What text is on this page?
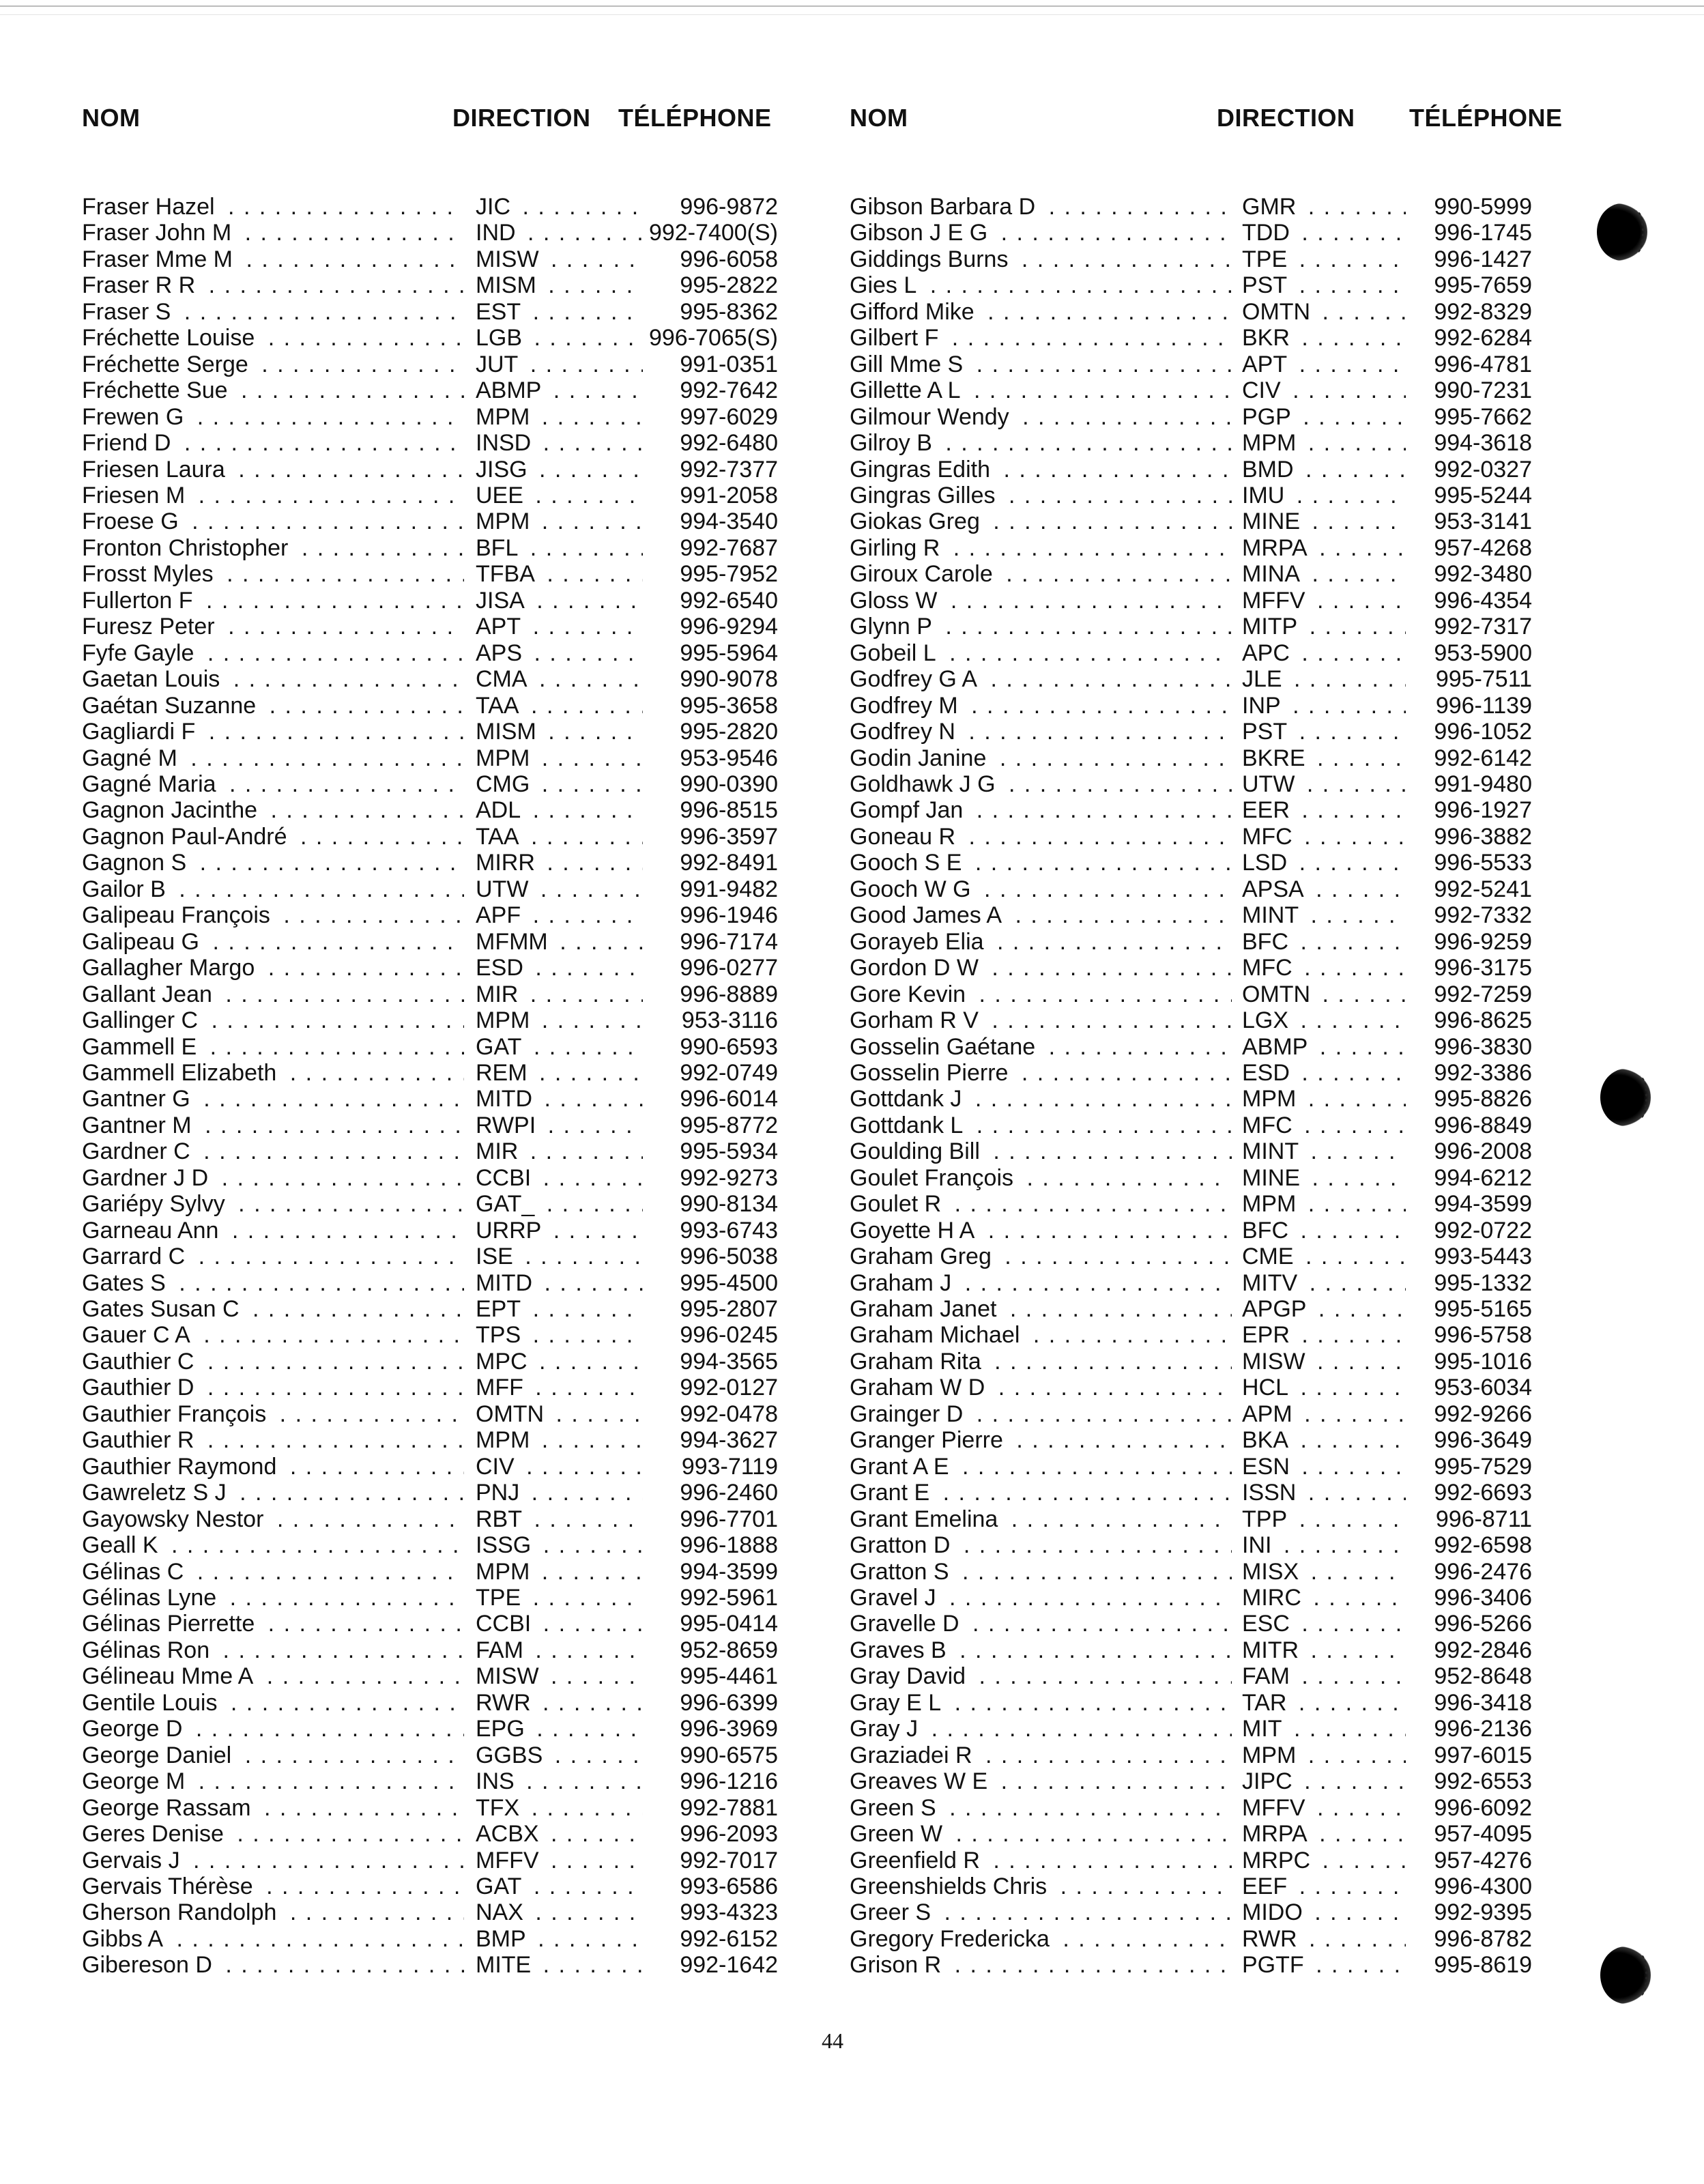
NOM	DIRECTION TÉLÉPHONE	NOM	DIRECTION TÉLÉPHONE
Fraser Hazel . . .	JIC . . .	996-9872
Fraser John M . . .	IND . . .	992-7400(S)
Fraser Mme M . . .	MISW . . .	996-6058
Fraser R R . . .	MISM . . .	995-2822
Fraser S . . .	EST . . .	995-8362
Fréchette Louise . . .	LGB . . .	996-7065(S)
Fréchette Serge . . .	JUT . . .	991-0351
Fréchette Sue . . .	ABMP . . .	992-7642
Frewen G . . .	MPM . . .	997-6029
Friend D . . .	INSD . . .	992-6480
Friesen Laura . . .	JISG . . .	992-7377
Friesen M . . .	UEE . . .	991-2058
Froese G . . .	MPM . . .	994-3540
Fronton Christopher . . .	BFL . . .	992-7687
Frosst Myles . . .	TFBA . . .	995-7952
Fullerton F . . .	JISA . . .	992-6540
Furesz Peter . . .	APT . . .	996-9294
Fyfe Gayle . . .	APS . . .	995-5964
Gaetan Louis . . .	CMA . . .	990-9078
Gaétan Suzanne . . .	TAA . . .	995-3658
Gagliardi F . . .	MISM . . .	995-2820
Gagné M . . .	MPM . . .	953-9546
Gagné Maria . . .	CMG . . .	990-0390
Gagnon Jacinthe . . .	ADL . . .	996-8515
Gagnon Paul-André . . .	TAA . . .	996-3597
Gagnon S . . .	MIRR . . .	992-8491
Gailor B . . .	UTW . . .	991-9482
Galipeau François . . .	APF . . .	996-1946
Galipeau G . . .	MFMM . . .	996-7174
Gallagher Margo . . .	ESD . . .	996-0277
Gallant Jean . . .	MIR . . .	996-8889
Gallinger C . . .	MPM . . .	953-3116
Gammell E . . .	GAT . . .	990-6593
Gammell Elizabeth . . .	REM . . .	992-0749
Gantner G . . .	MITD . . .	996-6014
Gantner M . . .	RWPI . . .	995-8772
Gardner C . . .	MIR . . .	995-5934
Gardner J D . . .	CCBI . . .	992-9273
Gariépy Sylvy . . .	GAT_ . . .	990-8134
Garneau Ann . . .	URRP . . .	993-6743
Garrard C . . .	ISE . . .	996-5038
Gates S . . .	MITD . . .	995-4500
Gates Susan C . . .	EPT . . .	995-2807
Gauer C A . . .	TPS . . .	996-0245
Gauthier C . . .	MPC . . .	994-3565
Gauthier D . . .	MFF . . .	992-0127
Gauthier François . . .	OMTN . . .	992-0478
Gauthier R . . .	MPM . . .	994-3627
Gauthier Raymond . . .	CIV . . .	993-7119
Gawreletz S J . . .	PNJ . . .	996-2460
Gayowsky Nestor . . .	RBT . . .	996-7701
Geall K . . .	ISSG . . .	996-1888
Gélinas C . . .	MPM . . .	994-3599
Gélinas Lyne . . .	TPE . . .	992-5961
Gélinas Pierrette . . .	CCBI . . .	995-0414
Gélinas Ron . . .	FAM . . .	952-8659
Gélineau Mme A . . .	MISW . . .	995-4461
Gentile Louis . . .	RWR . . .	996-6399
George D . . .	EPG . . .	996-3969
George Daniel . . .	GGBS . . .	990-6575
George M . . .	INS . . .	996-1216
George Rassam . . .	TFX . . .	992-7881
Geres Denise . . .	ACBX . . .	996-2093
Gervais J . . .	MFFV . . .	992-7017
Gervais Thérèse . . .	GAT . . .	993-6586
Gherson Randolph . . .	NAX . . .	993-4323
Gibbs A . . .	BMP . . .	992-6152
Gibereson D . . .	MITE . . .	992-1642
Gibson Barbara D . . .	GMR . . .	990-5999
Gibson J E G . . .	TDD . . .	996-1745
Giddings Burns . . .	TPE . . .	996-1427
Gies L . . .	PST . . .	995-7659
Gifford Mike . . .	OMTN . . .	992-8329
Gilbert F . . .	BKR . . .	992-6284
Gill Mme S . . .	APT . . .	996-4781
Gillette A L . . .	CIV . . .	990-7231
Gilmour Wendy . . .	PGP . . .	995-7662
Gilroy B . . .	MPM . . .	994-3618
Gingras Edith . . .	BMD . . .	992-0327
Gingras Gilles . . .	IMU . . .	995-5244
Giokas Greg . . .	MINE . . .	953-3141
Girling R . . .	MRPA . . .	957-4268
Giroux Carole . . .	MINA . . .	992-3480
Gloss W . . .	MFFV . . .	996-4354
Glynn P . . .	MITP . . .	992-7317
Gobeil L . . .	APC . . .	953-5900
Godfrey G A . . .	JLE . . .	995-7511
Godfrey M . . .	INP . . .	996-1139
Godfrey N . . .	PST . . .	996-1052
Godin Janine . . .	BKRE . . .	992-6142
Goldhawk J G . . .	UTW . . .	991-9480
Gompf Jan . . .	EER . . .	996-1927
Goneau R . . .	MFC . . .	996-3882
Gooch S E . . .	LSD . . .	996-5533
Gooch W G . . .	APSA . . .	992-5241
Good James A . . .	MINT . . .	992-7332
Gorayeb Elia . . .	BFC . . .	996-9259
Gordon D W . . .	MFC . . .	996-3175
Gore Kevin . . .	OMTN . . .	992-7259
Gorham R V . . .	LGX . . .	996-8625
Gosselin Gaétane . . .	ABMP . . .	996-3830
Gosselin Pierre . . .	ESD . . .	992-3386
Gottdank J . . .	MPM . . .	995-8826
Gottdank L . . .	MFC . . .	996-8849
Goulding Bill . . .	MINT . . .	996-2008
Goulet François . . .	MINE . . .	994-6212
Goulet R . . .	MPM . . .	994-3599
Goyette H A . . .	BFC . . .	992-0722
Graham Greg . . .	CME . . .	993-5443
Graham J . . .	MITV . . .	995-1332
Graham Janet . . .	APGP . . .	995-5165
Graham Michael . . .	EPR . . .	996-5758
Graham Rita . . .	MISW . . .	995-1016
Graham W D . . .	HCL . . .	953-6034
Grainger D . . .	APM . . .	992-9266
Granger Pierre . . .	BKA . . .	996-3649
Grant A E . . .	ESN . . .	995-7529
Grant E . . .	ISSN . . .	992-6693
Grant Emelina . . .	TPP . . .	996-8711
Gratton D . . .	INI . . .	992-6598
Gratton S . . .	MISX . . .	996-2476
Gravel J . . .	MIRC . . .	996-3406
Gravelle D . . .	ESC . . .	996-5266
Graves B . . .	MITR . . .	992-2846
Gray David . . .	FAM . . .	952-8648
Gray E L . . .	TAR . . .	996-3418
Gray J . . .	MIT . . .	996-2136
Graziadei R . . .	MPM . . .	997-6015
Greaves W E . . .	JIPC . . .	992-6553
Green S . . .	MFFV . . .	996-6092
Green W . . .	MRPA . . .	957-4095
Greenfield R . . .	MRPC . . .	957-4276
Greenshields Chris . . .	EEF . . .	996-4300
Greer S . . .	MIDO . . .	992-9395
Gregory Fredericka . . .	RWR . . .	996-8782
Grison R . . .	PGTF . . .	995-8619
44
